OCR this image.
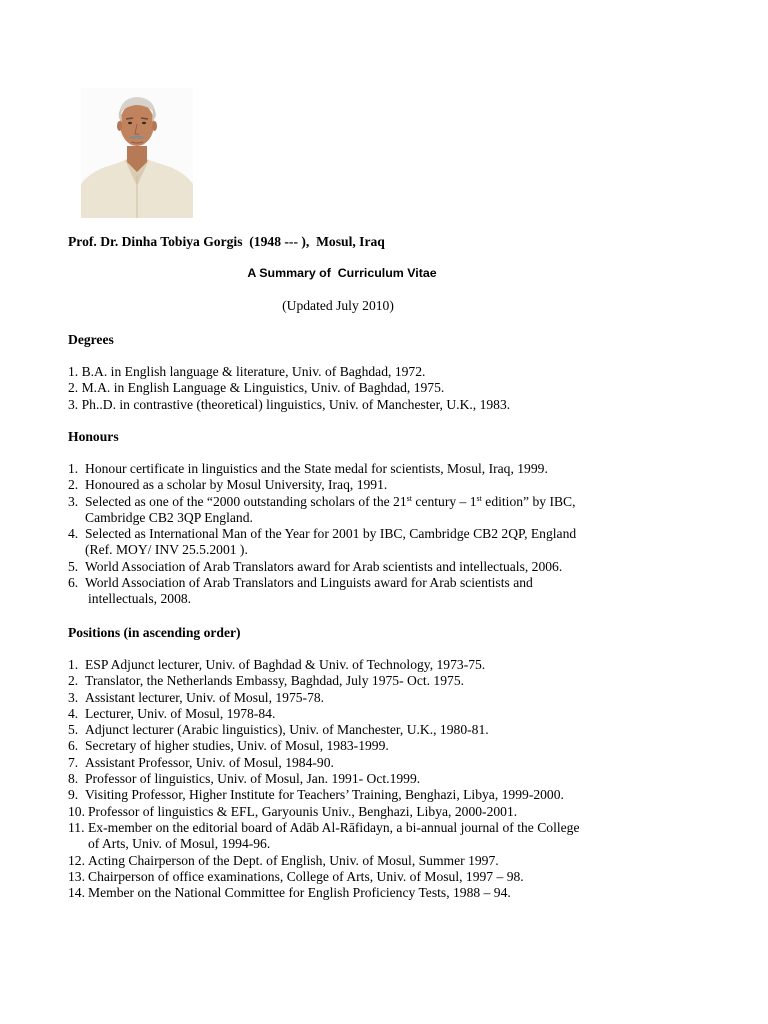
Prof. Dr. Dinha Tobiya Gorgis  (1948 --- ),  Mosul, Iraq
A Summary of  Curriculum Vitae
(Updated July 2010)
Degrees
1. B.A. in English language & literature, Univ. of Baghdad, 1972.
2. M.A. in English Language & Linguistics, Univ. of Baghdad, 1975.
3. Ph..D. in contrastive (theoretical) linguistics, Univ. of Manchester, U.K., 1983.
Honours
1. Honour certificate in linguistics and the State medal for scientists, Mosul, Iraq, 1999.
2. Honoured as a scholar by Mosul University, Iraq, 1991.
3. Selected as one of the “2000 outstanding scholars of the 21st century – 1st edition” by IBC,
Cambridge CB2 3QP England.
4. Selected as International Man of the Year for 2001 by IBC, Cambridge CB2 2QP, England
(Ref. MOY/ INV 25.5.2001 ).
5. World Association of Arab Translators award for Arab scientists and intellectuals, 2006.
6. World Association of Arab Translators and Linguists award for Arab scientists and
intellectuals, 2008.
Positions (in ascending order)
1. ESP Adjunct lecturer, Univ. of Baghdad & Univ. of Technology, 1973-75.
2. Translator, the Netherlands Embassy, Baghdad, July 1975- Oct. 1975.
3. Assistant lecturer, Univ. of Mosul, 1975-78.
4. Lecturer, Univ. of Mosul, 1978-84.
5. Adjunct lecturer (Arabic linguistics), Univ. of Manchester, U.K., 1980-81.
6. Secretary of higher studies, Univ. of Mosul, 1983-1999.
7. Assistant Professor, Univ. of Mosul, 1984-90.
8. Professor of linguistics, Univ. of Mosul, Jan. 1991- Oct.1999.
9. Visiting Professor, Higher Institute for Teachers’ Training, Benghazi, Libya, 1999-2000.
10. Professor of linguistics & EFL, Garyounis Univ., Benghazi, Libya, 2000-2001.
11. Ex-member on the editorial board of Adāb Al-Rāfidayn, a bi-annual journal of the College
of Arts, Univ. of Mosul, 1994-96.
12. Acting Chairperson of the Dept. of English, Univ. of Mosul, Summer 1997.
13. Chairperson of office examinations, College of Arts, Univ. of Mosul, 1997 – 98.
14. Member on the National Committee for English Proficiency Tests, 1988 – 94.
